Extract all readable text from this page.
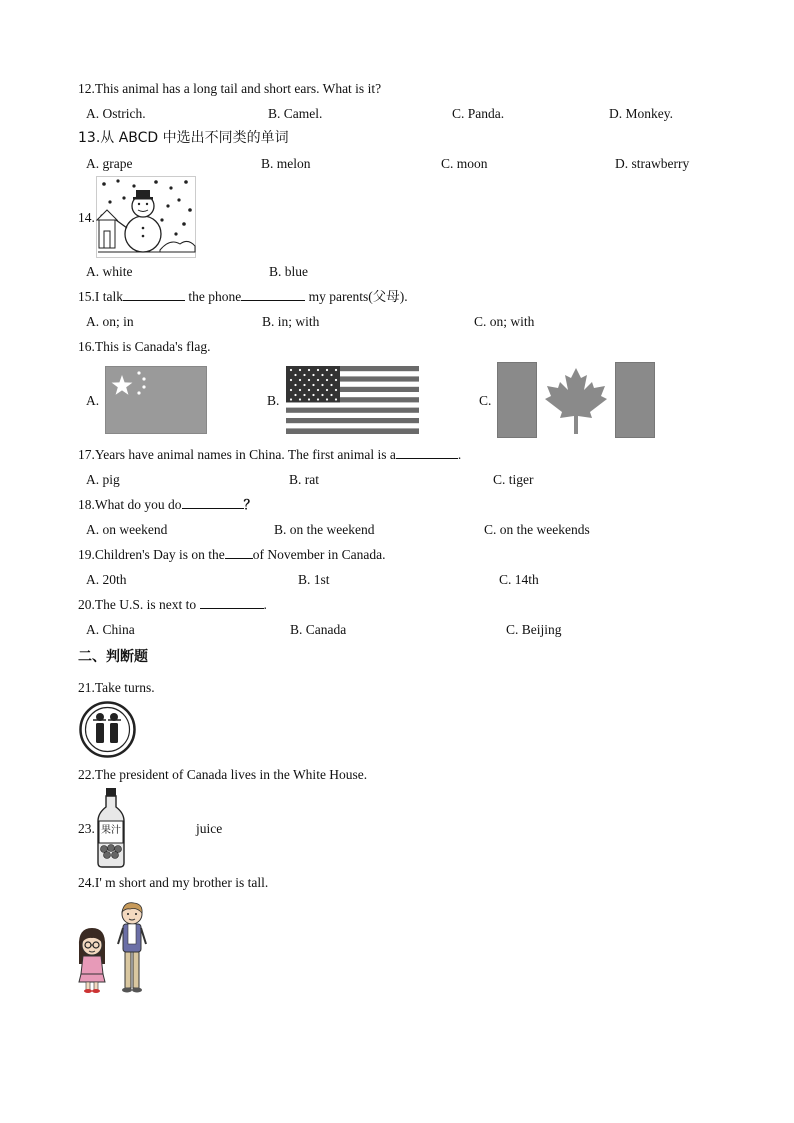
12.This animal has a long tail and short ears. What is it?
A. Ostrich.	B. Camel.	C. Panda.	D. Monkey.
13.从 ABCD 中选出不同类的单词
A. grape	B. melon	C. moon	D. strawberry
14.
A. white	B. blue
15.I talk	the phone	my parents(父母).
A. on; in	B. in; with	C. on; with
16.This is Canada's flag.
A.	B.	C.
17.Years have animal names in China. The first animal is a	.
A. pig	B. rat	C. tiger
18.What do you do	？
A. on weekend	B. on the weekend	C. on the weekends
19.Children's Day is on the of November in Canada.
A. 20th	B. 1st	C. 14th
20.The U.S. is next to	.
A. China	B. Canada	C. Beijing
二、判断题
21.Take turns.
22.The president of Canada lives in the White House.
23.	juice
果汁
24.I' m short and my brother is tall.
